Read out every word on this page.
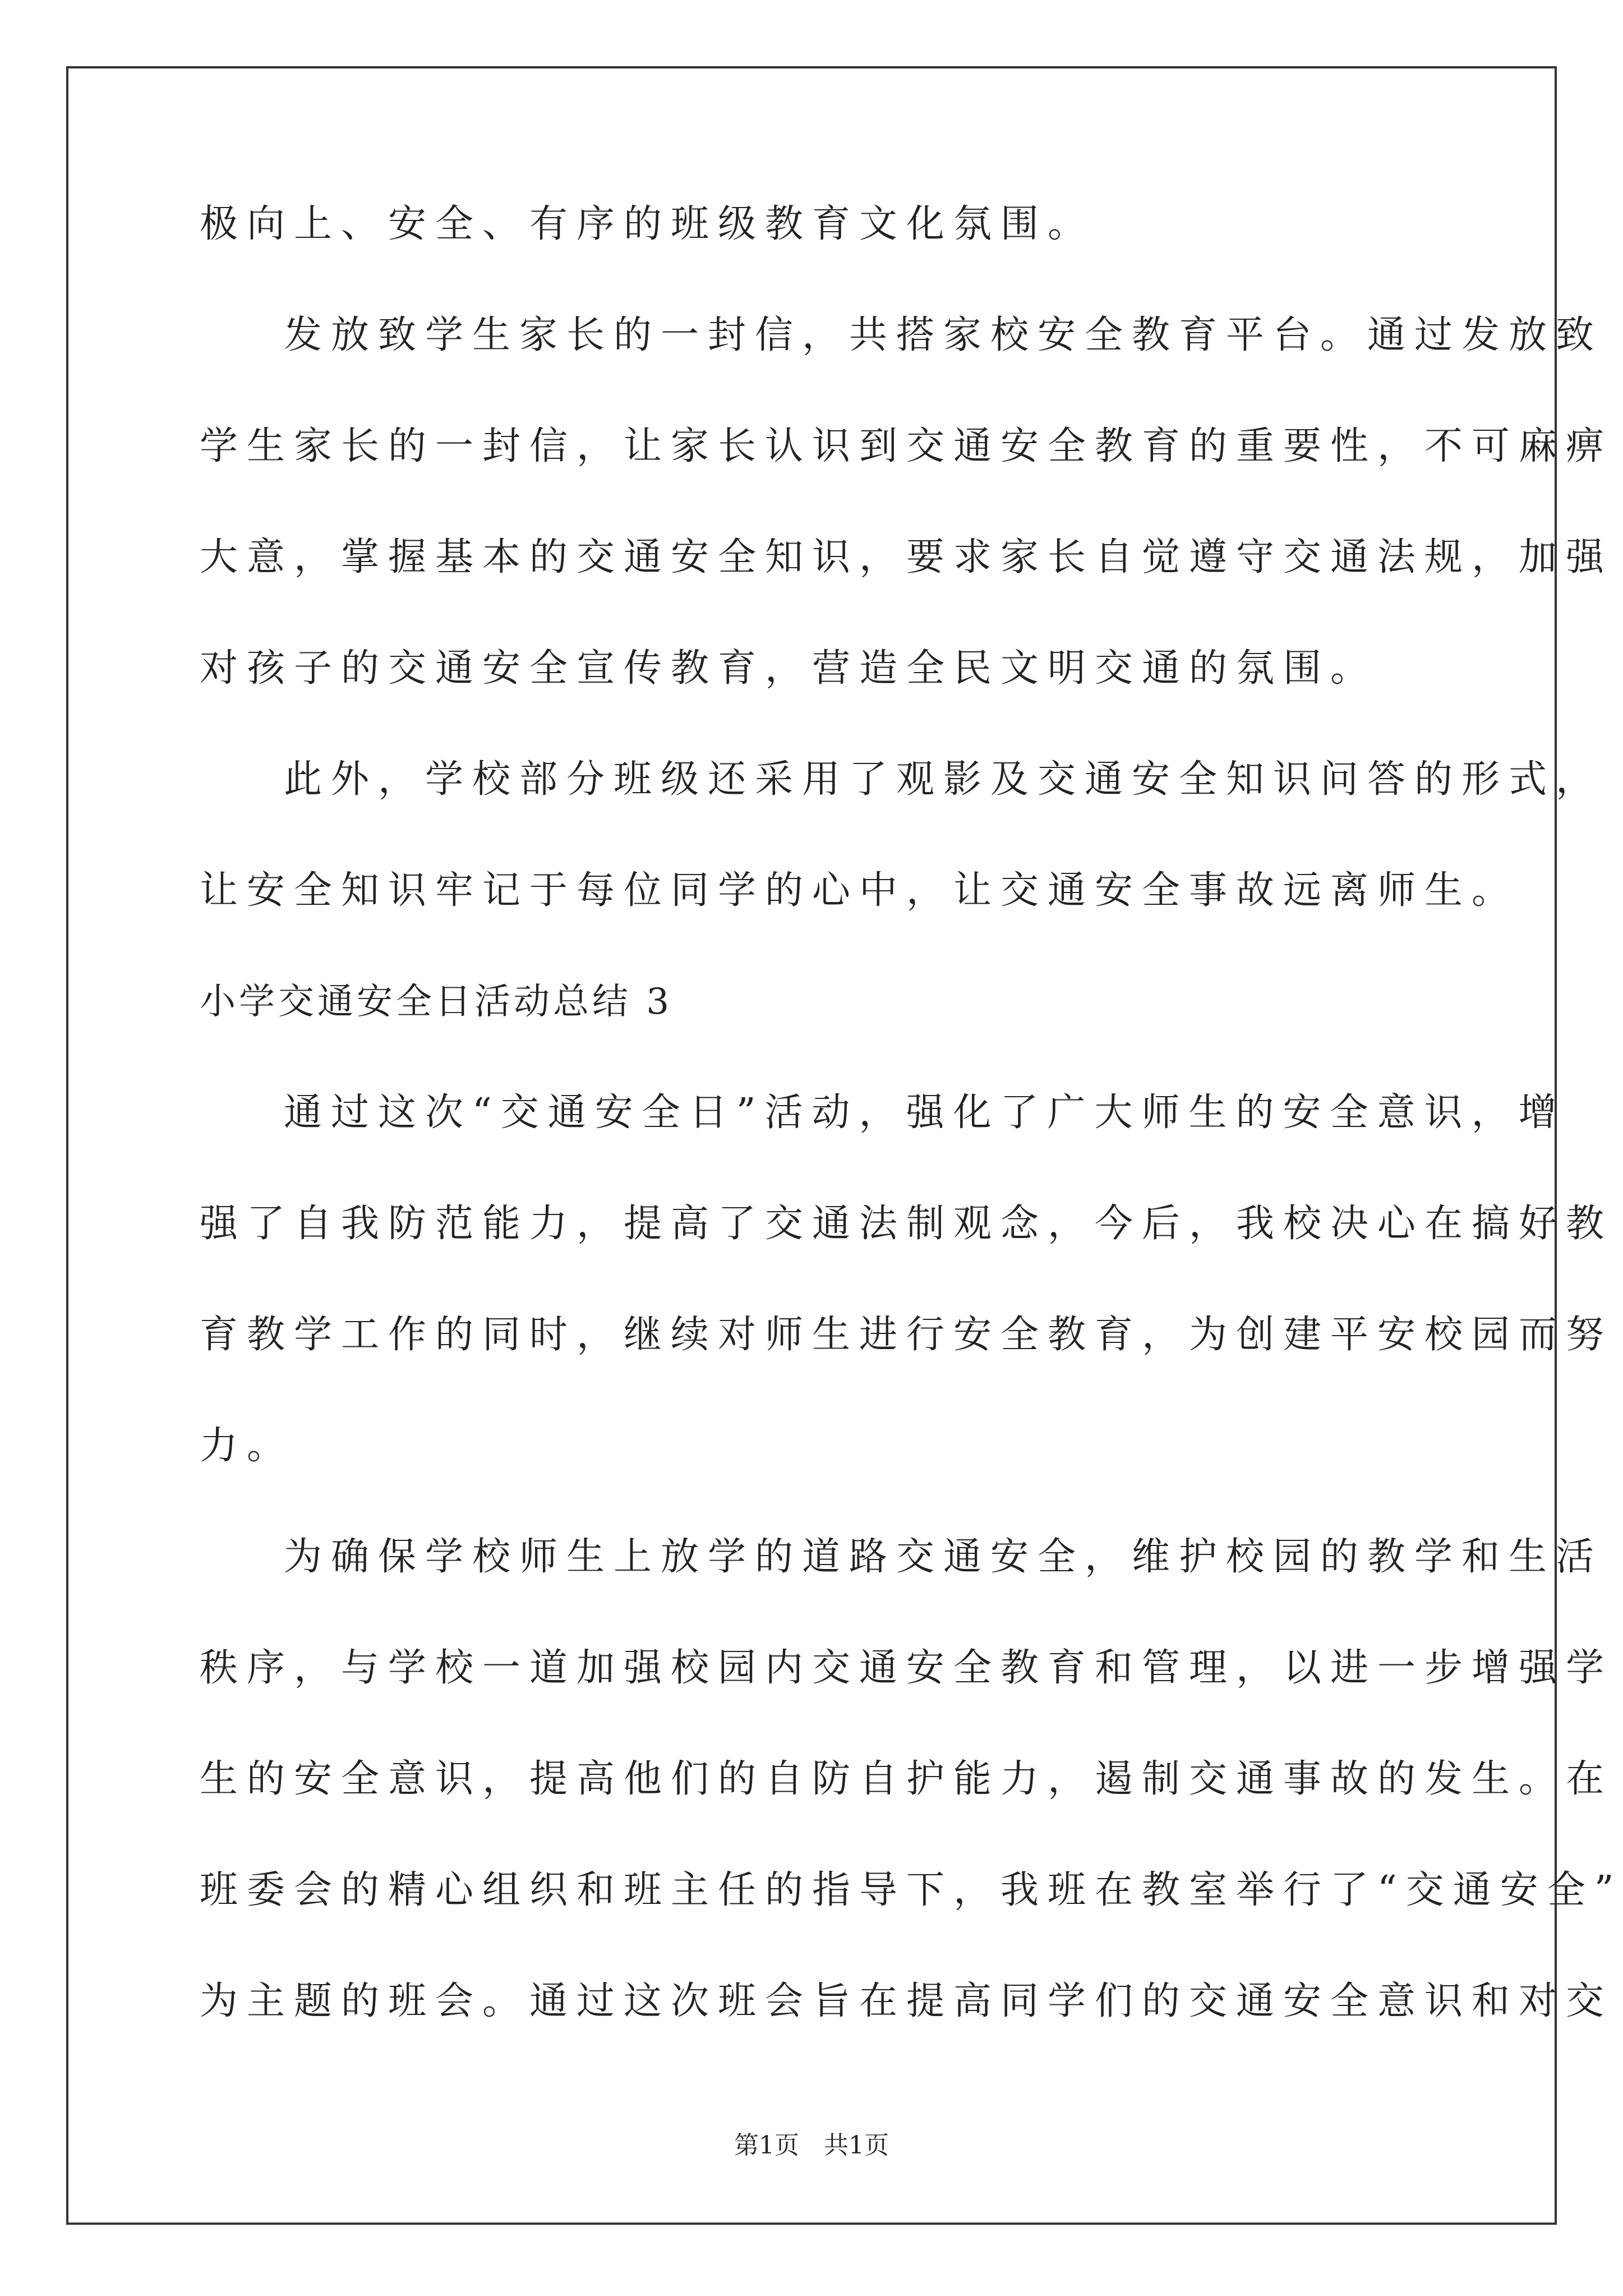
极向上、安全、有序的班级教育文化氛围。
发放致学生家长的一封信，共搭家校安全教育平台。通过发放致
学生家长的一封信，让家长认识到交通安全教育的重要性，不可麻痹
大意，掌握基本的交通安全知识，要求家长自觉遵守交通法规，加强
对孩子的交通安全宣传教育，营造全民文明交通的氛围。
此外，学校部分班级还采用了观影及交通安全知识问答的形式，
让安全知识牢记于每位同学的心中，让交通安全事故远离师生。
小学交通安全日活动总结 3
通过这次“交通安全日”活动，强化了广大师生的安全意识，增
强了自我防范能力，提高了交通法制观念，今后，我校决心在搞好教
育教学工作的同时，继续对师生进行安全教育，为创建平安校园而努
力。
为确保学校师生上放学的道路交通安全，维护校园的教学和生活
秩序，与学校一道加强校园内交通安全教育和管理，以进一步增强学
生的安全意识，提高他们的自防自护能力，遏制交通事故的发生。在
班委会的精心组织和班主任的指导下，我班在教室举行了“交通安全”
为主题的班会。通过这次班会旨在提高同学们的交通安全意识和对交
第1页　共1页
